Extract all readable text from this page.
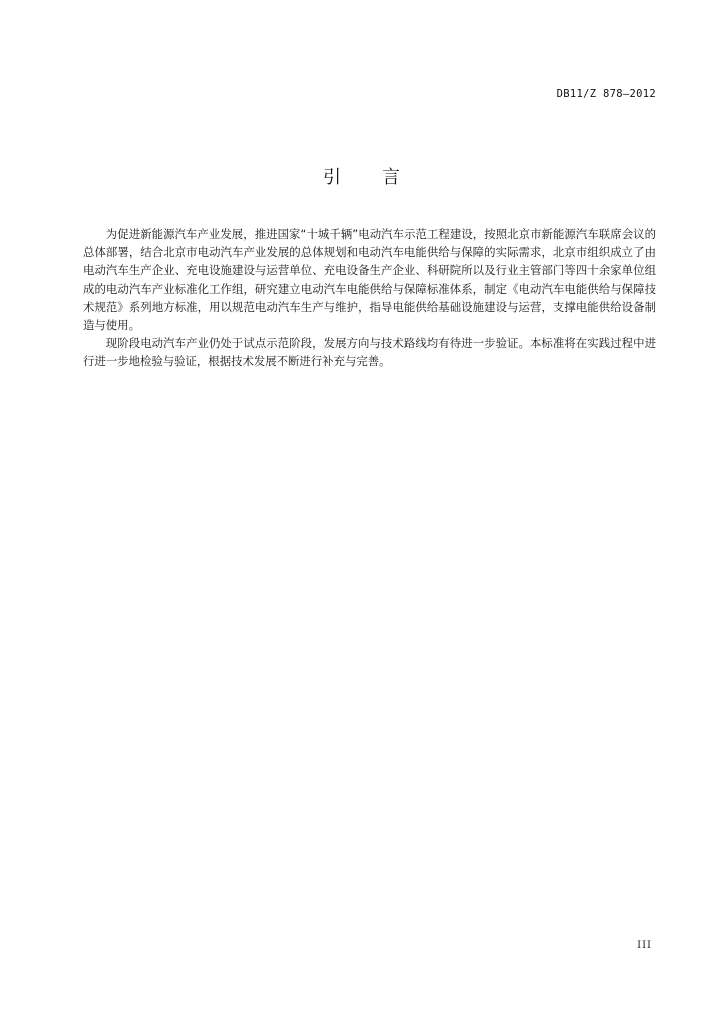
DB11/Z 878—2012
引 言

为促进新能源汽车产业发展，推进国家“十城千辆”电动汽车示范工程建设，按照北京市新能源汽车联席会议的总体部署，结合北京市电动汽车产业发展的总体规划和电动汽车电能供给与保障的实际需求，北京市组织成立了由电动汽车生产企业、充电设施建设与运营单位、充电设备生产企业、科研院所以及行业主管部门等四十余家单位组成的电动汽车产业标准化工作组，研究建立电动汽车电能供给与保障标准体系，制定《电动汽车电能供给与保障技术规范》系列地方标准，用以规范电动汽车生产与维护，指导电能供给基础设施建设与运营，支撑电能供给设备制造与使用。

现阶段电动汽车产业仍处于试点示范阶段，发展方向与技术路线均有待进一步验证。本标准将在实践过程中进行进一步地检验与验证，根据技术发展不断进行补充与完善。

III
